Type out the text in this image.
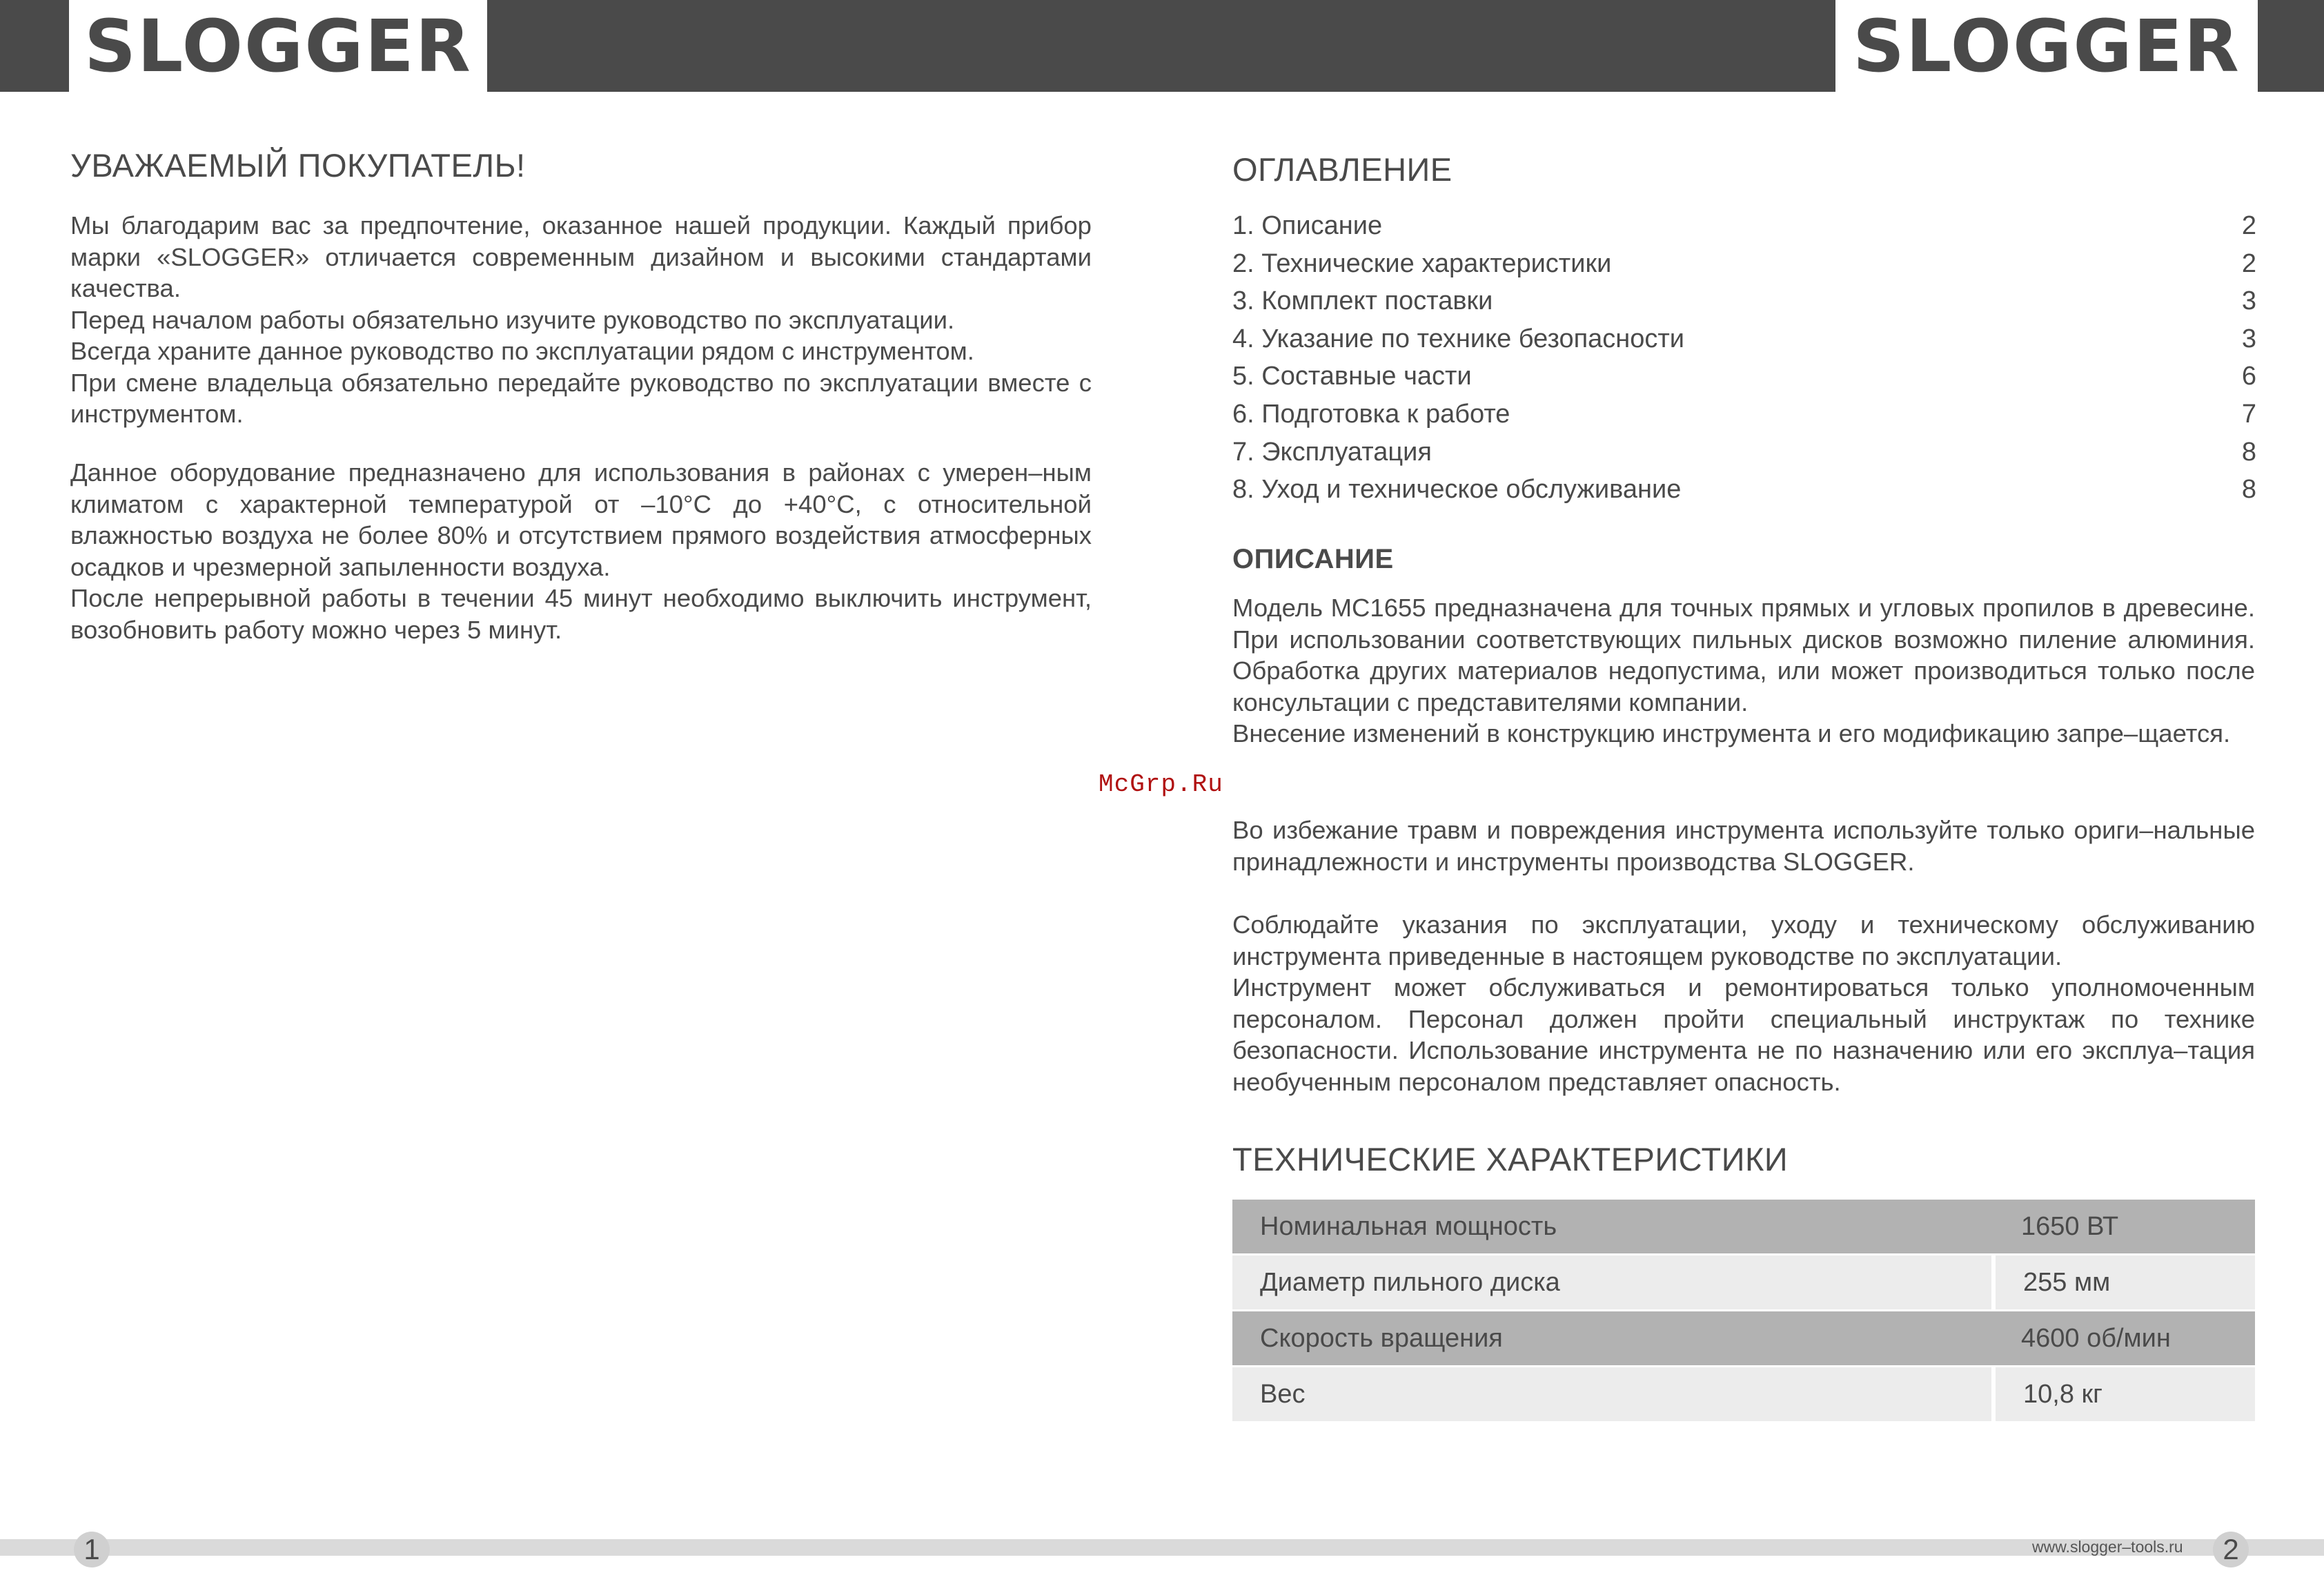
SLOGGER	SLOGGER
УВАЖАЕМЫЙ ПОКУПАТЕЛЬ!

Мы благодарим вас за предпочтение, оказанное нашей продукции. Каждый прибор марки «SLOGGER» отличается современным дизайном и высокими стандартами качества.

Перед началом работы обязательно изучите руководство по эксплуатации.

Всегда храните данное руководство по эксплуатации рядом с инструментом.

При смене владельца обязательно передайте руководство по эксплуатации вместе с инструментом.

Данное оборудование предназначено для использования в районах с умерен–ным климатом с характерной температурой от –10°С до +40°С, с относительной влажностью воздуха не более 80% и отсутствием прямого воздействия атмосферных осадков и чрезмерной запыленности воздуха.

После непрерывной работы в течении 45 минут необходимо выключить инструмент, возобновить работу можно через 5 минут.

McGrp.Ru
ОГЛАВЛЕНИЕ
1. Описание	2
2. Технические характеристики	2
3. Комплект поставки	3
4. Указание по технике безопасности	3
5. Составные части	6
6. Подготовка к работе	7
7. Эксплуатация	8
8. Уход и техническое обслуживание	8
ОПИСАНИЕ

Модель МС1655 предназначена для точных прямых и угловых пропилов в древесине. При использовании соответствующих пильных дисков возможно пиление алюминия. Обработка других материалов недопустима, или может производиться только после консультации с представителями компании.

Внесение изменений в конструкцию инструмента и его модификацию запре–щается.

Во избежание травм и повреждения инструмента используйте только ориги–нальные принадлежности и инструменты производства SLOGGER.

Соблюдайте указания по эксплуатации, уходу и техническому обслуживанию инструмента приведенные в настоящем руководстве по эксплуатации.

Инструмент может обслуживаться и ремонтироваться только уполномоченным персоналом. Персонал должен пройти специальный инструктаж по технике безопасности. Использование инструмента не по назначению или его эксплуа–тация необученным персоналом представляет опасность.

ТЕХНИЧЕСКИЕ ХАРАКТЕРИСТИКИ
Номинальная мощность	1650 ВТ
Диаметр пильного диска	255 мм
Скорость вращения	4600 об/мин
Вес	10,8 кг
1	www.slogger–tools.ru	2
